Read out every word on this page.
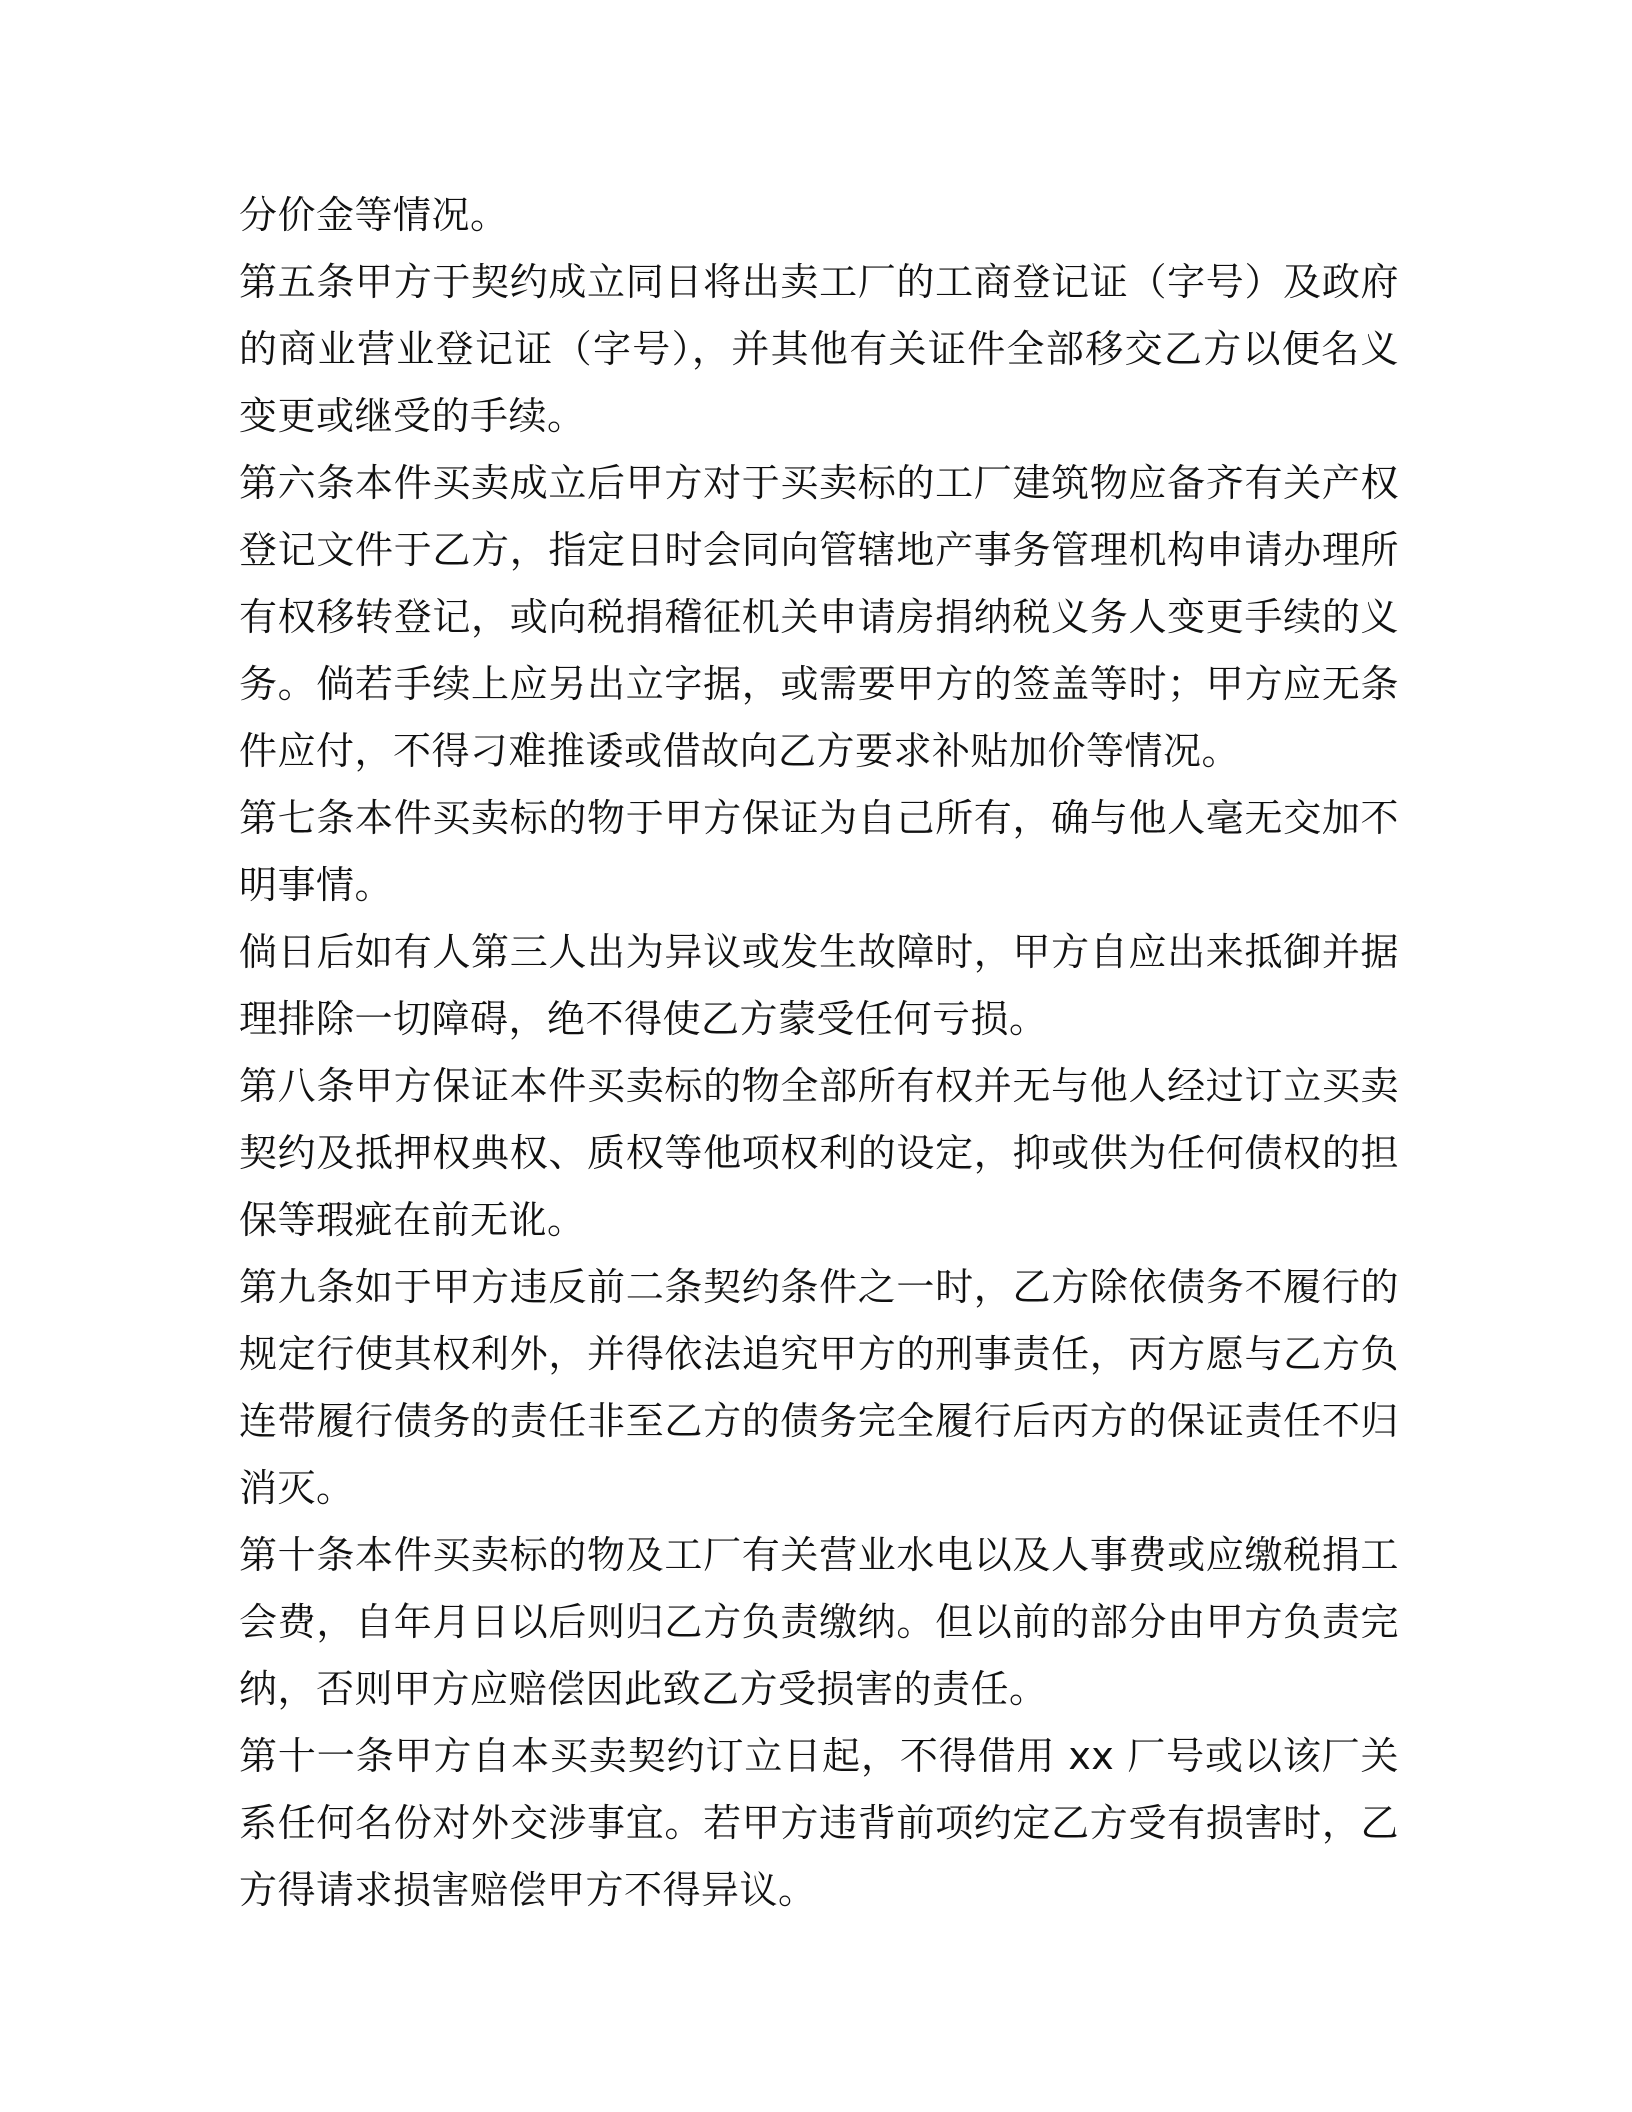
分价金等情况。

第五条甲方于契约成立同日将出卖工厂的工商登记证（字号）及政府的商业营业登记证（字号），并其他有关证件全部移交乙方以便名义变更或继受的手续。

第六条本件买卖成立后甲方对于买卖标的工厂建筑物应备齐有关产权登记文件于乙方，指定日时会同向管辖地产事务管理机构申请办理所有权移转登记，或向税捐稽征机关申请房捐纳税义务人变更手续的义务。倘若手续上应另出立字据，或需要甲方的签盖等时；甲方应无条件应付，不得刁难推诿或借故向乙方要求补贴加价等情况。

第七条本件买卖标的物于甲方保证为自己所有，确与他人毫无交加不明事情。

倘日后如有人第三人出为异议或发生故障时，甲方自应出来抵御并据理排除一切障碍，绝不得使乙方蒙受任何亏损。

第八条甲方保证本件买卖标的物全部所有权并无与他人经过订立买卖契约及抵押权典权、质权等他项权利的设定，抑或供为任何债权的担保等瑕疵在前无讹。

第九条如于甲方违反前二条契约条件之一时，乙方除依债务不履行的规定行使其权利外，并得依法追究甲方的刑事责任，丙方愿与乙方负连带履行债务的责任非至乙方的债务完全履行后丙方的保证责任不归消灭。

第十条本件买卖标的物及工厂有关营业水电以及人事费或应缴税捐工会费，自年月日以后则归乙方负责缴纳。但以前的部分由甲方负责完纳，否则甲方应赔偿因此致乙方受损害的责任。

第十一条甲方自本买卖契约订立日起，不得借用 xx 厂号或以该厂关系任何名份对外交涉事宜。若甲方违背前项约定乙方受有损害时，乙方得请求损害赔偿甲方不得异议。
